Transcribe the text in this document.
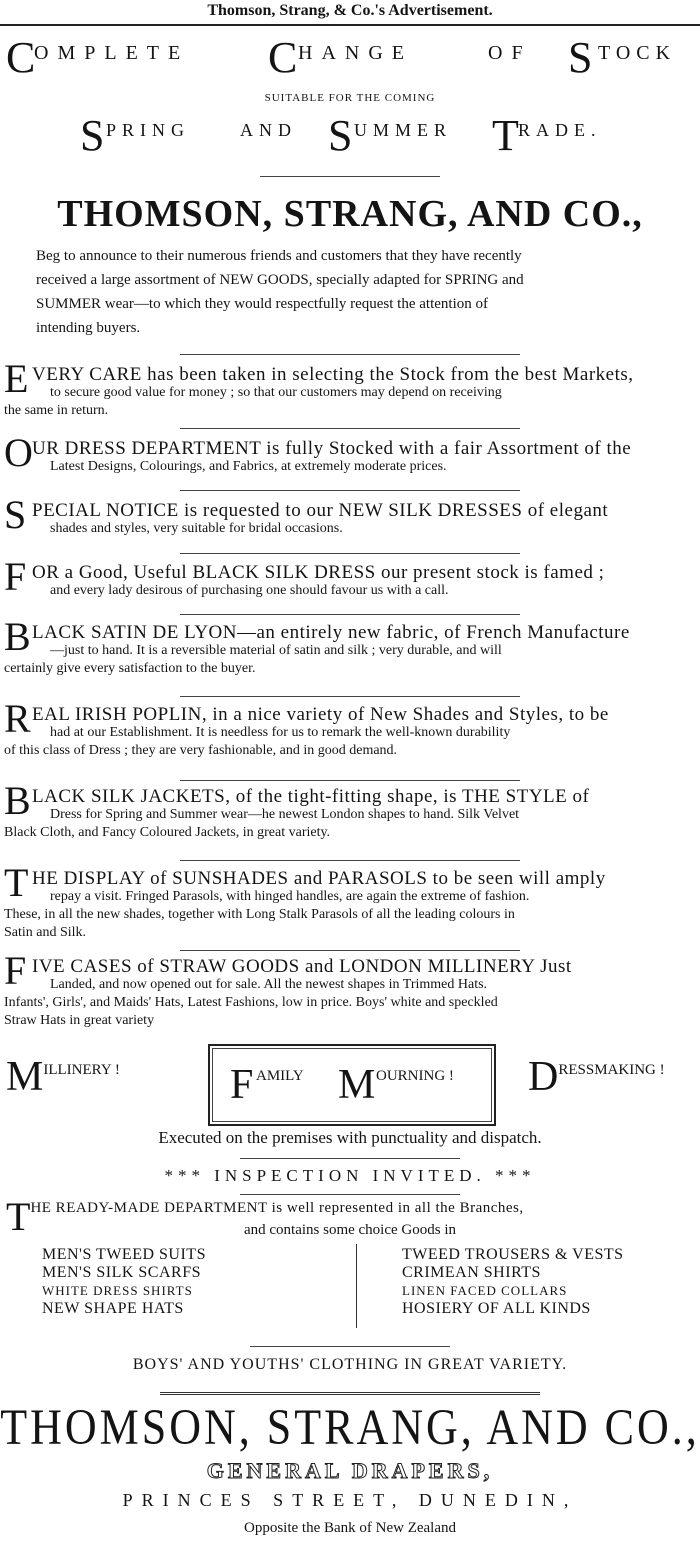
Thomson, Strang, & Co.'s Advertisement.
C
OMPLETE C HANGE	OF S TOCK
SUITABLE FOR THE COMING
S PRING	AND S UMMER T RADE.
THOMSON, STRANG, AND CO.,
Beg to announce to their numerous friends and customers that they have recently
received a large assortment of NEW GOODS, specially adapted for SPRING and
SUMMER wear—to which they would respectfully request the attention of
intending buyers.
EVERY CARE has been taken in selecting the Stock from the best Markets,
to secure good value for money ; so that our customers may depend on receiving
the same in return.
OUR DRESS DEPARTMENT is fully Stocked with a fair Assortment of the
Latest Designs, Colourings, and Fabrics, at extremely moderate prices.
SPECIAL NOTICE is requested to our NEW SILK DRESSES of elegant
shades and styles, very suitable for bridal occasions.
FOR a Good, Useful BLACK SILK DRESS our present stock is famed ;
and every lady desirous of purchasing one should favour us with a call.
BLACK SATIN DE LYON—an entirely new fabric, of French Manufacture
—just to hand. It is a reversible material of satin and silk ; very durable, and will
certainly give every satisfaction to the buyer.
REAL IRISH POPLIN, in a nice variety of New Shades and Styles, to be
had at our Establishment. It is needless for us to remark the well-known durability
of this class of Dress ; they are very fashionable, and in good demand.
BLACK SILK JACKETS, of the tight-fitting shape, is THE STYLE of
Dress for Spring and Summer wear—he newest London shapes to hand. Silk Velvet
Black Cloth, and Fancy Coloured Jackets, in great variety.
THE DISPLAY of SUNSHADES and PARASOLS to be seen will amply
repay a visit. Fringed Parasols, with hinged handles, are again the extreme of fashion.
These, in all the new shades, together with Long Stalk Parasols of all the leading colours in
Satin and Silk.
FIVE CASES of STRAW GOODS and LONDON MILLINERY Just
Landed, and now opened out for sale. All the newest shapes in Trimmed Hats.
Infants', Girls', and Maids' Hats, Latest Fashions, low in price. Boys' white and speckled
Straw Hats in great variety
MILLINERY !	F AMILY M OURNING ! DRESSMAKING !
Executed on the premises with punctuality and dispatch.
*** INSPECTION INVITED. ***
THE READY-MADE DEPARTMENT is well represented in all the Branches,
and contains some choice Goods in
MEN'S TWEED SUITS
MEN'S SILK SCARFS
WHITE DRESS SHIRTS
NEW SHAPE HATS
TWEED TROUSERS & VESTS
CRIMEAN SHIRTS
LINEN FACED COLLARS
HOSIERY OF ALL KINDS
BOYS' AND YOUTHS' CLOTHING IN GREAT VARIETY.
THOMSON, STRANG, AND CO.,
GENERAL DRAPERS,
PRINCES STREET, DUNEDIN,
Opposite the Bank of New Zealand
